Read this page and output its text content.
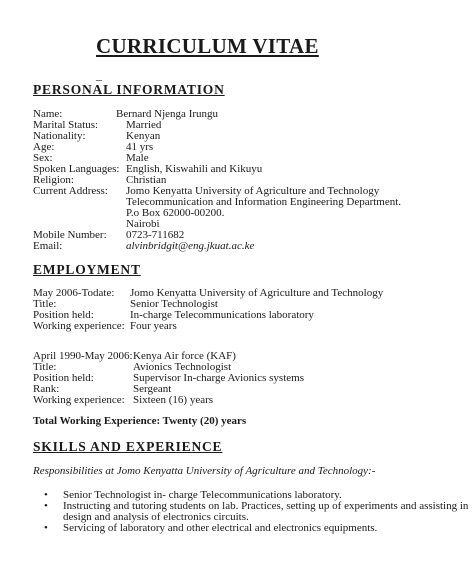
CURRICULUM VITAE
_
PERSONAL INFORMATION
Name:	Bernard Njenga Irungu
Marital Status:	Married
Nationality:	Kenyan
Age:	41 yrs
Sex:	Male
Spoken Languages: English, Kiswahili and Kikuyu
Religion:	Christian
Current Address: Jomo Kenyatta University of Agriculture and Technology
Telecommunication and Information Engineering Department.
P.o Box 62000-00200.
Nairobi
Mobile Number: 0723-711682
Email:	alvinbridgit@eng.jkuat.ac.ke
EMPLOYMENT
May 2006-Todate: Jomo Kenyatta University of Agriculture and Technology
Title:	Senior Technologist
Position held:	In-charge Telecommunications laboratory
Working experience: Four years
April 1990-May 2006: Kenya Air force (KAF)
Title:	Avionics Technologist
Position held:	Supervisor In-charge Avionics systems
Rank:	Sergeant
Working experience: Sixteen (16) years
Total Working Experience: Twenty (20) years
SKILLS AND EXPERIENCE
Responsibilities at Jomo Kenyatta University of Agriculture and Technology:-
• Senior Technologist in- charge Telecommunications laboratory.
• Instructing and tutoring students on lab. Practices, setting up of experiments and assisting in
design and analysis of electronics circuits.
• Servicing of laboratory and other electrical and electronics equipments.
